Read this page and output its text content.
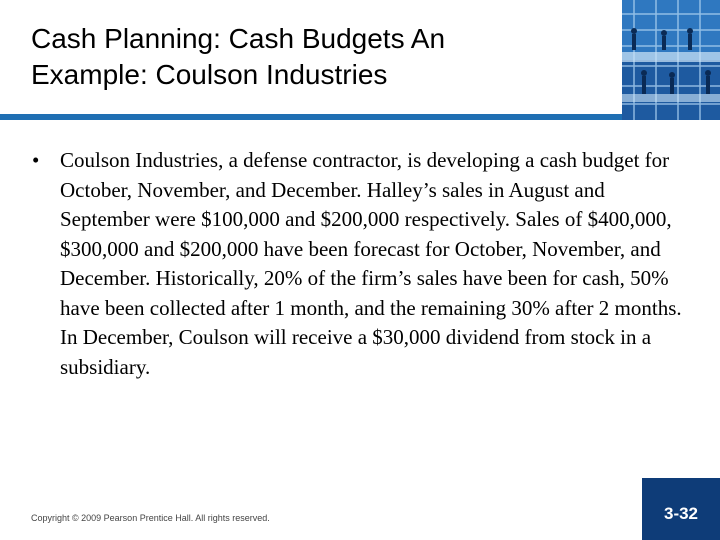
Cash Planning: Cash Budgets An
Example: Coulson Industries
• Coulson Industries, a defense contractor, is developing a cash budget for October, November, and December. Halley’s sales in August and September were $100,000 and $200,000 respectively. Sales of $400,000, $300,000 and $200,000 have been forecast for October, November, and December. Historically, 20% of the firm’s sales have been for cash, 50% have been collected after 1 month, and the remaining 30% after 2 months. In December, Coulson will receive a $30,000 dividend from stock in a subsidiary.
Copyright © 2009 Pearson Prentice Hall. All rights reserved.	3-32
